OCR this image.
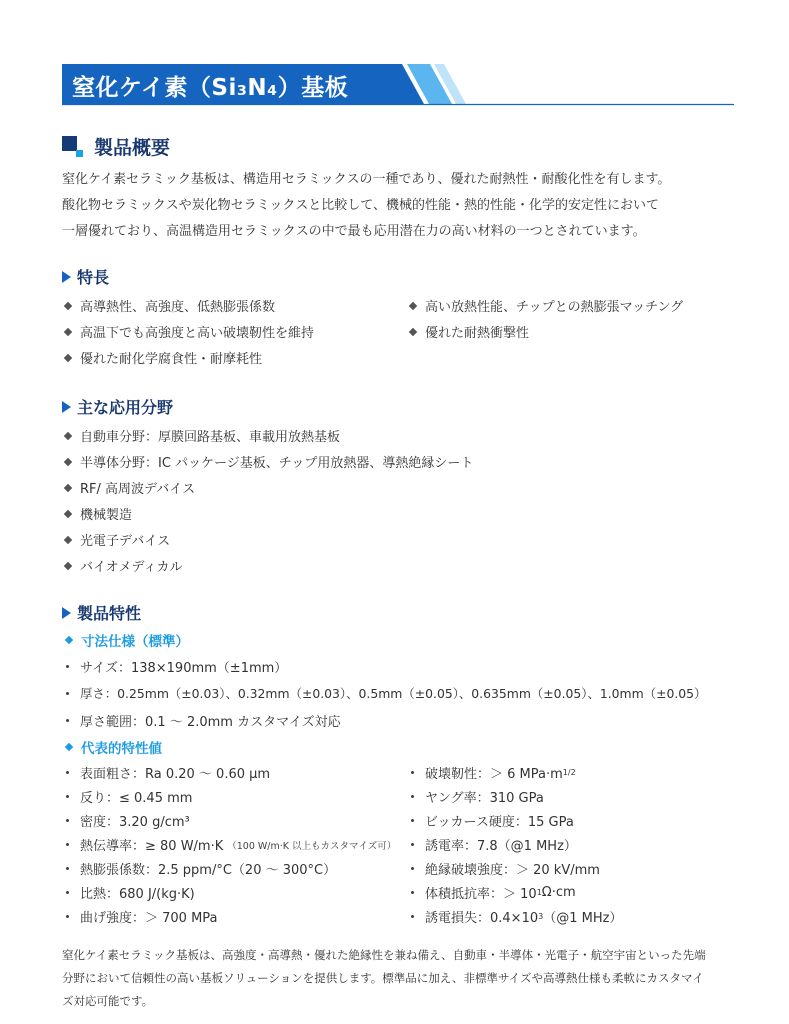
窒化ケイ素（Si₃N₄）基板
製品概要
窒化ケイ素セラミック基板は、構造用セラミックスの一種であり、優れた耐熱性・耐酸化性を有します。
酸化物セラミックスや炭化物セラミックスと比較して、機械的性能・熱的性能・化学的安定性において
一層優れており、高温構造用セラミックスの中で最も応用潜在力の高い材料の一つとされています。
特長
高導熱性、高強度、低熱膨張係数	高い放熱性能、チップとの熱膨張マッチング
高温下でも高強度と高い破壊靭性を維持	優れた耐熱衝撃性
優れた耐化学腐食性・耐摩耗性
主な応用分野
自動車分野：厚膜回路基板、車載用放熱基板
半導体分野：IC パッケージ基板、チップ用放熱器、導熱絶縁シート
RF/ 高周波デバイス
機械製造
光電子デバイス
バイオメディカル
製品特性
寸法仕様（標準）
サイズ：138×190mm（±1mm）
厚さ：0.25mm（±0.03）、0.32mm（±0.03）、0.5mm（±0.05）、0.635mm（±0.05）、1.0mm（±0.05）
厚さ範囲：0.1 ～ 2.0mm カスタマイズ対応
代表的特性値
表面粗さ：Ra 0.20 ～ 0.60 μm
反り：≤ 0.45 mm
密度：3.20 g/cm³
熱伝導率：≥ 80 W/m·K （100 W/m·K 以上もカスタマイズ可）
熱膨張係数：2.5 ppm/°C（20 ～ 300°C）
比熱：680 J/(kg·K)
曲げ強度：＞ 700 MPa
破壊靭性：＞ 6 MPa·m 1/2
ヤング率：310 GPa
ビッカース硬度：15 GPa
誘電率：7.8（@1 MHz）
絶縁破壊強度：＞ 20 kV/mm
体積抵抗率：＞ 10 1 Ω·cm
誘電損失：0.4×10 3 （@1 MHz）
窒化ケイ素セラミック基板は、高強度・高導熱・優れた絶縁性を兼ね備え、自動車・半導体・光電子・航空宇宙といった先端
分野において信頼性の高い基板ソリューションを提供します。標準品に加え、非標準サイズや高導熱仕様も柔軟にカスタマイ
ズ対応可能です。
